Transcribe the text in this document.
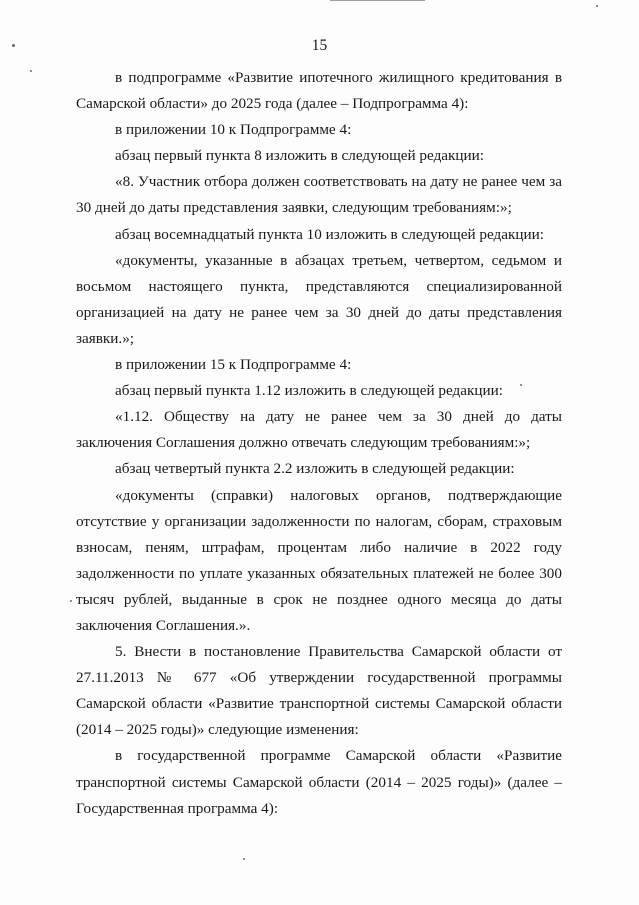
15

в подпрограмме «Развитие ипотечного жилищного кредитования в Самарской области» до 2025 года (далее – Подпрограмма 4):

в приложении 10 к Подпрограмме 4:

абзац первый пункта 8 изложить в следующей редакции:

«8. Участник отбора должен соответствовать на дату не ранее чем за 30 дней до даты представления заявки, следующим требованиям:»;

абзац восемнадцатый пункта 10 изложить в следующей редакции:

«документы, указанные в абзацах третьем, четвертом, седьмом и восьмом настоящего пункта, представляются специализированной организацией на дату не ранее чем за 30 дней до даты представления заявки.»;

в приложении 15 к Подпрограмме 4:

абзац первый пункта 1.12 изложить в следующей редакции:

«1.12. Обществу на дату не ранее чем за 30 дней до даты заключения Соглашения должно отвечать следующим требованиям:»;

абзац четвертый пункта 2.2 изложить в следующей редакции:

«документы (справки) налоговых органов, подтверждающие отсутствие у организации задолженности по налогам, сборам, страховым взносам, пеням, штрафам, процентам либо наличие в 2022 году задолженности по уплате указанных обязательных платежей не более 300 тысяч рублей, выданные в срок не позднее одного месяца до даты заключения Соглашения.».

5. Внести в постановление Правительства Самарской области от 27.11.2013 № 677 «Об утверждении государственной программы Самарской области «Развитие транспортной системы Самарской области (2014 – 2025 годы)» следующие изменения:

в государственной программе Самарской области «Развитие транспортной системы Самарской области (2014 – 2025 годы)» (далее – Государственная программа 4):
